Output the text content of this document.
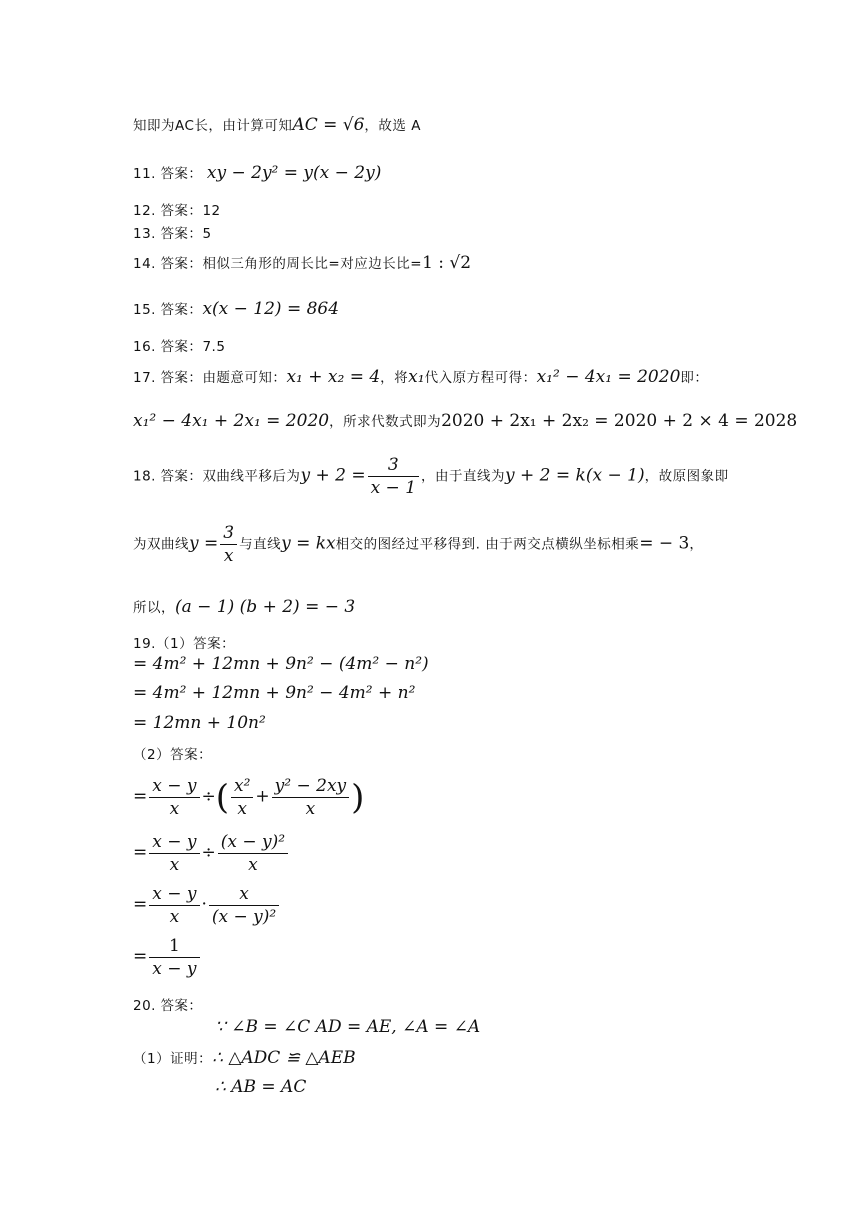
知即为AC长，由计算可知AC = √6，故选 A
11. 答案： xy − 2y² = y(x − 2y)
12. 答案：12
13. 答案：5
14. 答案：相似三角形的周长比=对应边长比=1 : √2
15. 答案：x(x − 12) = 864
16. 答案：7.5
17. 答案：由题意可知：x₁ + x₂ = 4，将x₁代入原方程可得：x₁² − 4x₁ = 2020即：
x₁² − 4x₁ + 2x₁ = 2020，所求代数式即为2020 + 2x₁ + 2x₂ = 2020 + 2 × 4 = 2028
18. 答案：双曲线平移后为$y + 2 = \frac{3}{x - 1}$ ，由于直线为y + 2 = k(x − 1)，故原图象即
为双曲线$y = \frac{3}{x}$ 与直线y = kx相交的图经过平移得到. 由于两交点横纵坐标相乘= − 3，
所以，(a − 1) (b + 2) = − 3
19.（1）答案：
= 4m² + 12mn + 9n² − (4m² − n²)
= 4m² + 12mn + 9n² − 4m² + n²
= 12mn + 10n²
（2）答案：
= $\frac{x - y}{x}$ ÷( $\frac{\text{x²}}{x} + \frac{\text{y² − 2xy}}{x}$ )
= $\frac{x - y}{x} \div \frac{\text{(x − y)²}}{x}$
= $\frac{x - y}{x} \cdot \frac{x}{\text{(x − y)²}}$
= $\frac{1}{x - y}$
20. 答案：
∵ ∠B = ∠C AD = AE, ∠A = ∠A
（1）证明：∴ △ADC ≌ △AEB
∴ AB = AC
